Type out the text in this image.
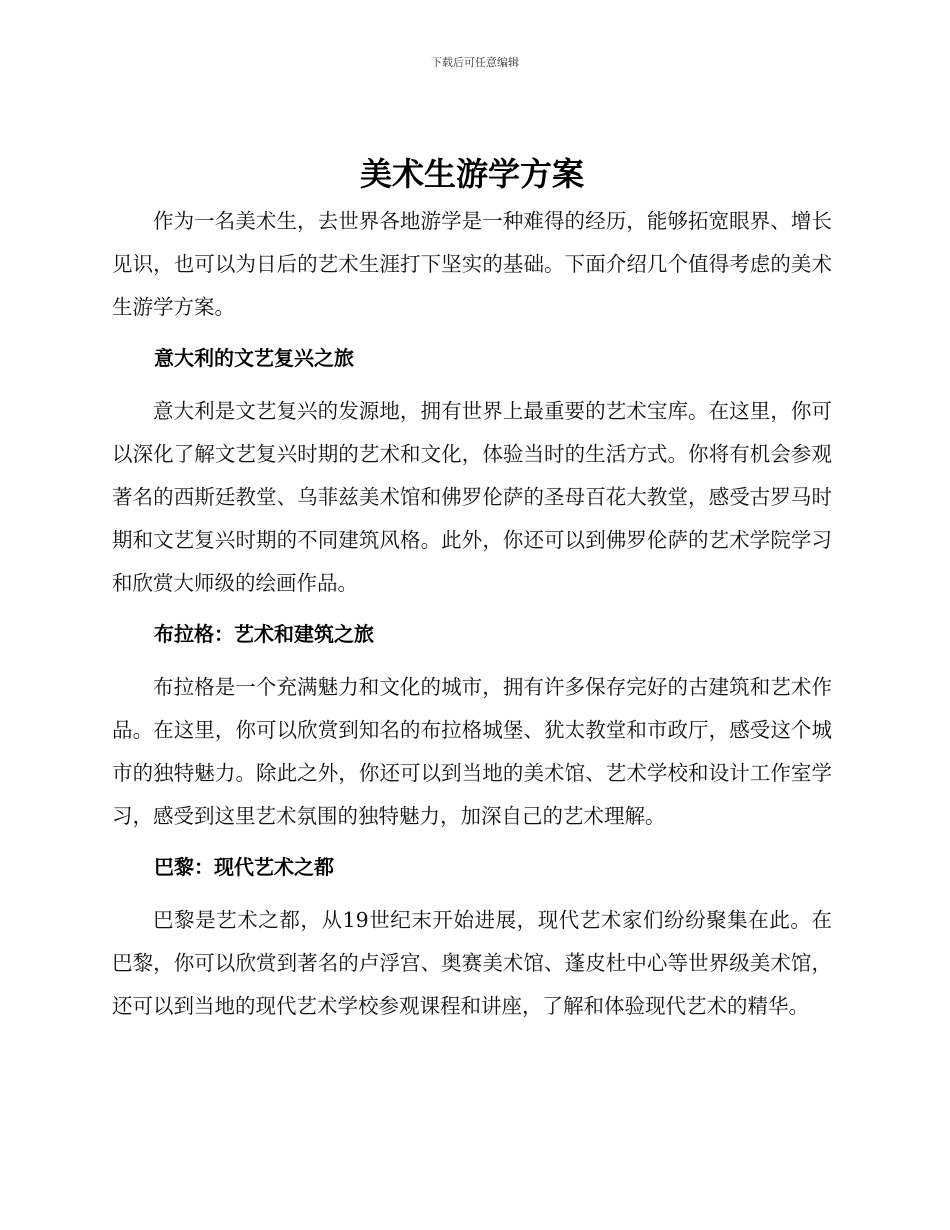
下载后可任意编辑
美术生游学方案

作为一名美术生，去世界各地游学是一种难得的经历，能够拓宽眼界、增长见识，也可以为日后的艺术生涯打下坚实的基础。下面介绍几个值得考虑的美术生游学方案。

意大利的文艺复兴之旅

意大利是文艺复兴的发源地，拥有世界上最重要的艺术宝库。在这里，你可以深化了解文艺复兴时期的艺术和文化，体验当时的生活方式。你将有机会参观著名的西斯廷教堂、乌菲兹美术馆和佛罗伦萨的圣母百花大教堂，感受古罗马时期和文艺复兴时期的不同建筑风格。此外，你还可以到佛罗伦萨的艺术学院学习和欣赏大师级的绘画作品。

布拉格：艺术和建筑之旅

布拉格是一个充满魅力和文化的城市，拥有许多保存完好的古建筑和艺术作品。在这里，你可以欣赏到知名的布拉格城堡、犹太教堂和市政厅，感受这个城市的独特魅力。除此之外，你还可以到当地的美术馆、艺术学校和设计工作室学习，感受到这里艺术氛围的独特魅力，加深自己的艺术理解。

巴黎：现代艺术之都

巴黎是艺术之都，从19世纪末开始进展，现代艺术家们纷纷聚集在此。在巴黎，你可以欣赏到著名的卢浮宫、奥赛美术馆、蓬皮杜中心等世界级美术馆，还可以到当地的现代艺术学校参观课程和讲座，了解和体验现代艺术的精华。
